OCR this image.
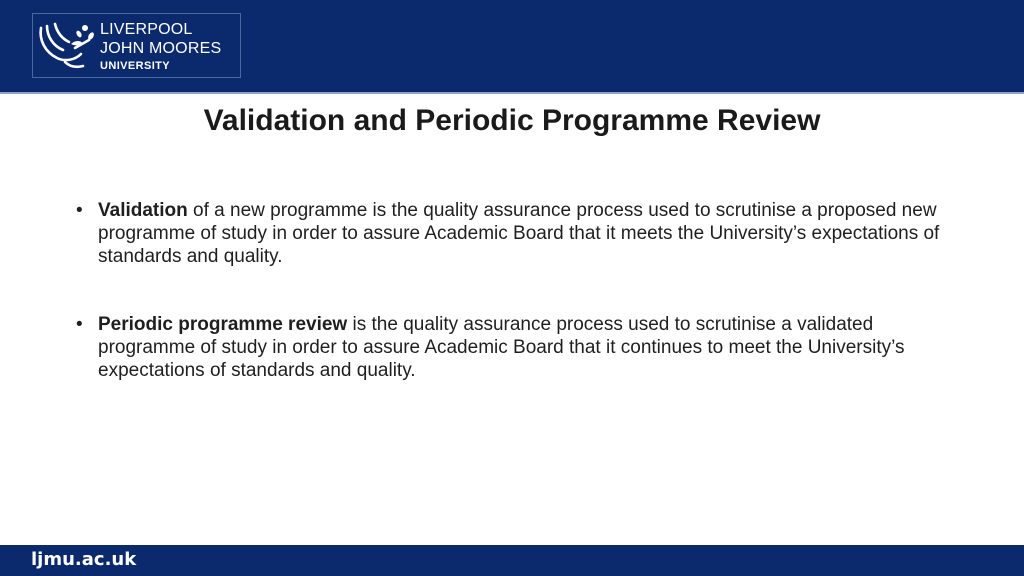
LIVERPOOL
JOHN MOORES
UNIVERSITY
Validation and Periodic Programme Review
• Validation of a new programme is the quality assurance process used to scrutinise a proposed new programme of study in order to assure Academic Board that it meets the University’s expectations of standards and quality.
• Periodic programme review is the quality assurance process used to scrutinise a validated programme of study in order to assure Academic Board that it continues to meet the University’s expectations of standards and quality.
ljmu.ac.uk
